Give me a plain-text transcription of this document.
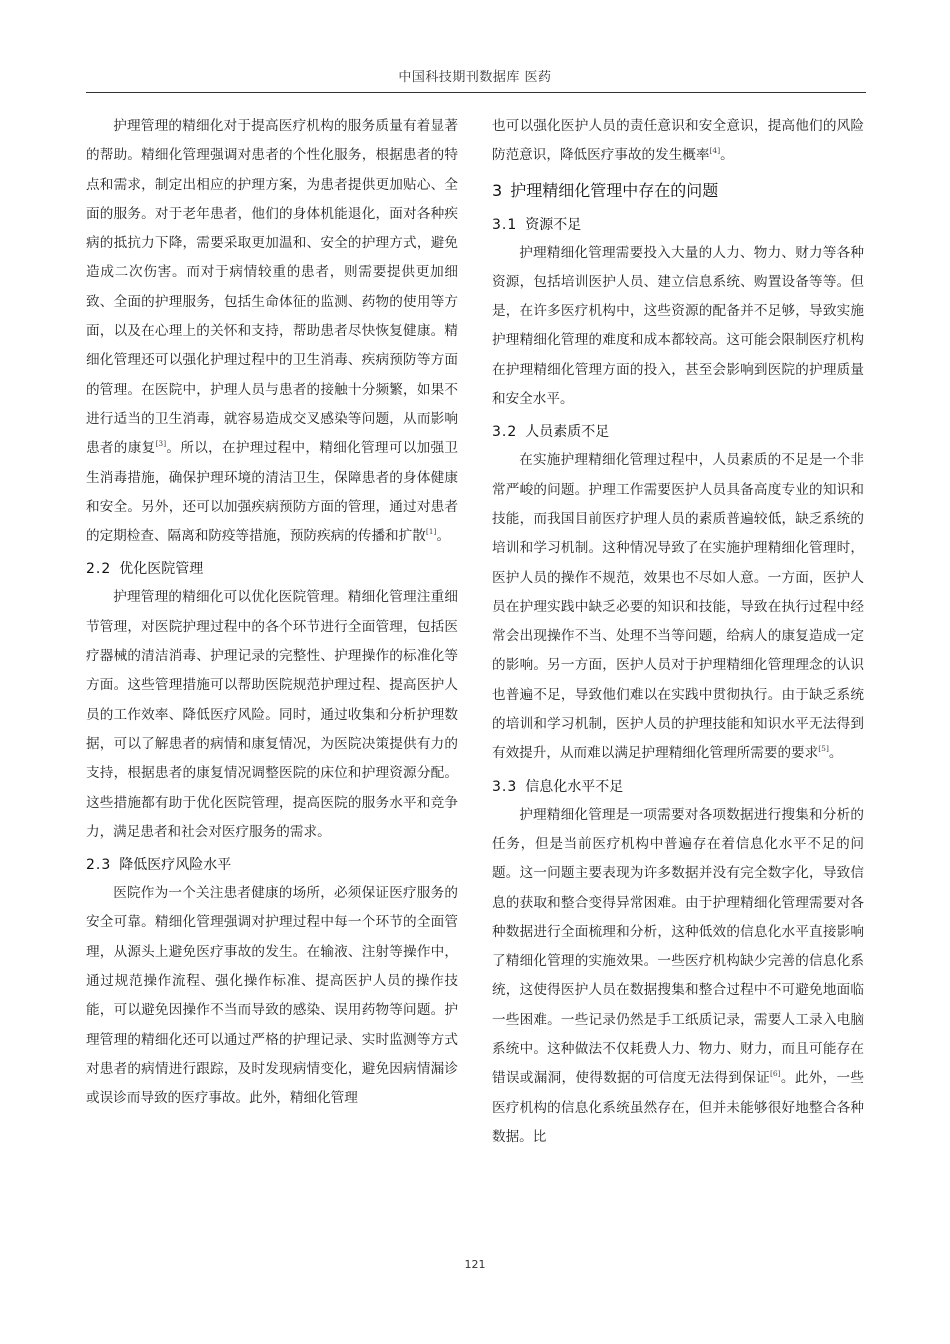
中国科技期刊数据库 医药

护理管理的精细化对于提高医疗机构的服务质量有着显著的帮助。精细化管理强调对患者的个性化服务，根据患者的特点和需求，制定出相应的护理方案，为患者提供更加贴心、全面的服务。对于老年患者，他们的身体机能退化，面对各种疾病的抵抗力下降，需要采取更加温和、安全的护理方式，避免造成二次伤害。而对于病情较重的患者，则需要提供更加细致、全面的护理服务，包括生命体征的监测、药物的使用等方面，以及在心理上的关怀和支持，帮助患者尽快恢复健康。精细化管理还可以强化护理过程中的卫生消毒、疾病预防等方面的管理。在医院中，护理人员与患者的接触十分频繁，如果不进行适当的卫生消毒，就容易造成交叉感染等问题，从而影响患者的康复[3]。所以，在护理过程中，精细化管理可以加强卫生消毒措施，确保护理环境的清洁卫生，保障患者的身体健康和安全。另外，还可以加强疾病预防方面的管理，通过对患者的定期检查、隔离和防疫等措施，预防疾病的传播和扩散[1]。

2.2 优化医院管理

护理管理的精细化可以优化医院管理。精细化管理注重细节管理，对医院护理过程中的各个环节进行全面管理，包括医疗器械的清洁消毒、护理记录的完整性、护理操作的标准化等方面。这些管理措施可以帮助医院规范护理过程、提高医护人员的工作效率、降低医疗风险。同时，通过收集和分析护理数据，可以了解患者的病情和康复情况，为医院决策提供有力的支持，根据患者的康复情况调整医院的床位和护理资源分配。这些措施都有助于优化医院管理，提高医院的服务水平和竞争力，满足患者和社会对医疗服务的需求。

2.3 降低医疗风险水平

医院作为一个关注患者健康的场所，必须保证医疗服务的安全可靠。精细化管理强调对护理过程中每一个环节的全面管理，从源头上避免医疗事故的发生。在输液、注射等操作中，通过规范操作流程、强化操作标准、提高医护人员的操作技能，可以避免因操作不当而导致的感染、误用药物等问题。护理管理的精细化还可以通过严格的护理记录、实时监测等方式对患者的病情进行跟踪，及时发现病情变化，避免因病情漏诊或误诊而导致的医疗事故。此外，精细化管理

也可以强化医护人员的责任意识和安全意识，提高他们的风险防范意识，降低医疗事故的发生概率[4]。

3 护理精细化管理中存在的问题
3.1 资源不足

护理精细化管理需要投入大量的人力、物力、财力等各种资源，包括培训医护人员、建立信息系统、购置设备等等。但是，在许多医疗机构中，这些资源的配备并不足够，导致实施护理精细化管理的难度和成本都较高。这可能会限制医疗机构在护理精细化管理方面的投入，甚至会影响到医院的护理质量和安全水平。

3.2 人员素质不足

在实施护理精细化管理过程中，人员素质的不足是一个非常严峻的问题。护理工作需要医护人员具备高度专业的知识和技能，而我国目前医疗护理人员的素质普遍较低，缺乏系统的培训和学习机制。这种情况导致了在实施护理精细化管理时，医护人员的操作不规范，效果也不尽如人意。一方面，医护人员在护理实践中缺乏必要的知识和技能，导致在执行过程中经常会出现操作不当、处理不当等问题，给病人的康复造成一定的影响。另一方面，医护人员对于护理精细化管理理念的认识也普遍不足，导致他们难以在实践中贯彻执行。由于缺乏系统的培训和学习机制，医护人员的护理技能和知识水平无法得到有效提升，从而难以满足护理精细化管理所需要的要求[5]。

3.3 信息化水平不足

护理精细化管理是一项需要对各项数据进行搜集和分析的任务，但是当前医疗机构中普遍存在着信息化水平不足的问题。这一问题主要表现为许多数据并没有完全数字化，导致信息的获取和整合变得异常困难。由于护理精细化管理需要对各种数据进行全面梳理和分析，这种低效的信息化水平直接影响了精细化管理的实施效果。一些医疗机构缺少完善的信息化系统，这使得医护人员在数据搜集和整合过程中不可避免地面临一些困难。一些记录仍然是手工纸质记录，需要人工录入电脑系统中。这种做法不仅耗费人力、物力、财力，而且可能存在错误或漏洞，使得数据的可信度无法得到保证[6]。此外，一些医疗机构的信息化系统虽然存在，但并未能够很好地整合各种数据。比

121
